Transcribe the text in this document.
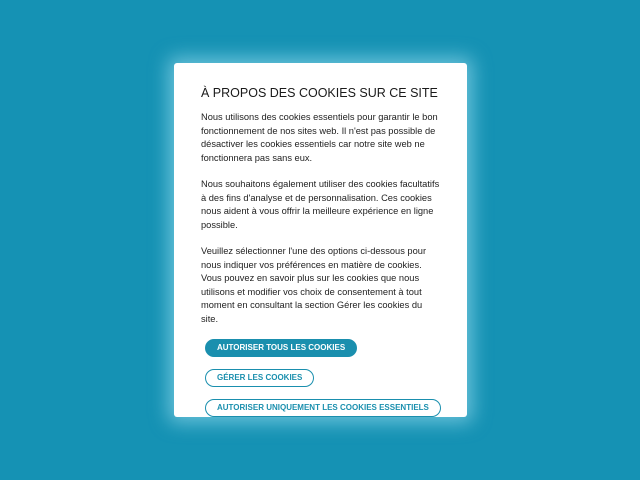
À PROPOS DES COOKIES SUR CE SITE

Nous utilisons des cookies essentiels pour garantir le bon fonctionnement de nos sites web. Il n'est pas possible de désactiver les cookies essentiels car notre site web ne fonctionnera pas sans eux.

Nous souhaitons également utiliser des cookies facultatifs à des fins d'analyse et de personnalisation. Ces cookies nous aident à vous offrir la meilleure expérience en ligne possible.

Veuillez sélectionner l'une des options ci-dessous pour nous indiquer vos préférences en matière de cookies. Vous pouvez en savoir plus sur les cookies que nous utilisons et modifier vos choix de consentement à tout moment en consultant la section Gérer les cookies du site.

AUTORISER TOUS LES COOKIES
GÉRER LES COOKIES
AUTORISER UNIQUEMENT LES COOKIES ESSENTIELS
